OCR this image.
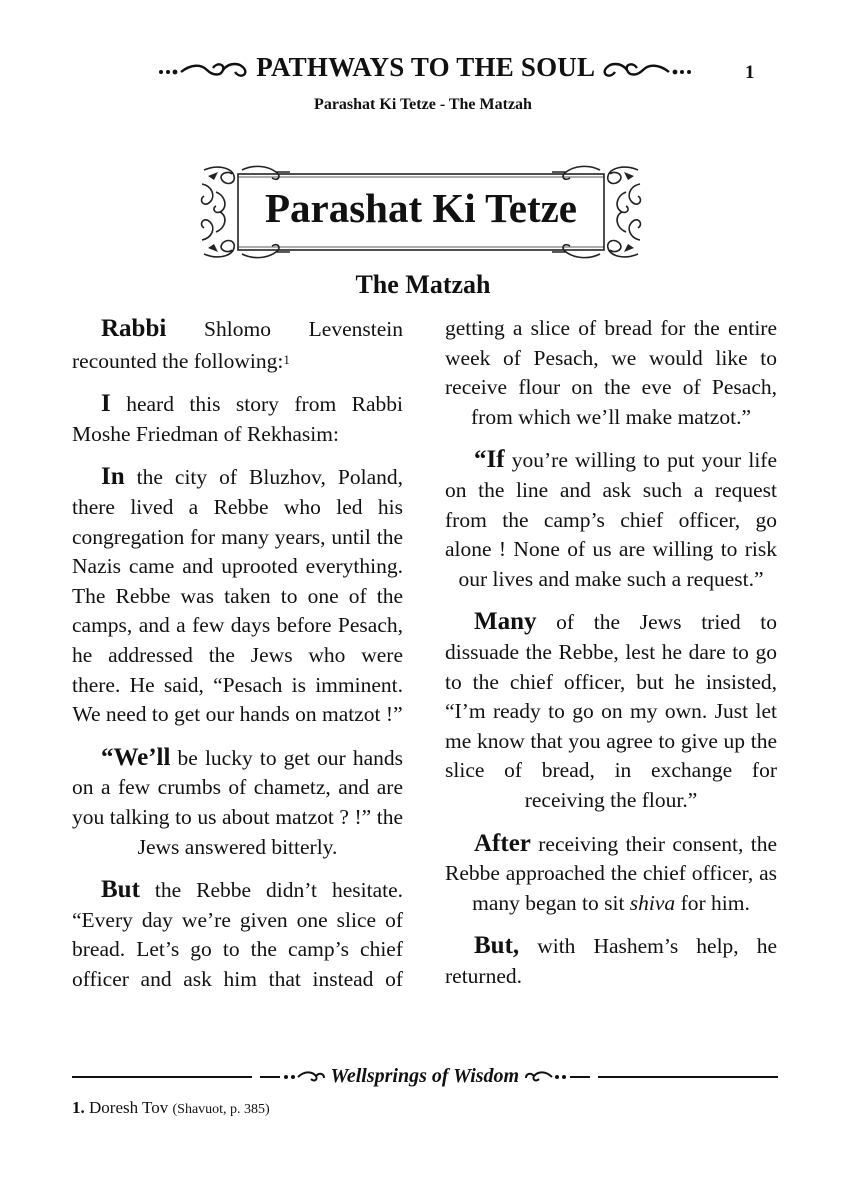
PATHWAYS TO THE SOUL	1
Parashat Ki Tetze - The Matzah
Parashat Ki Tetze
The Matzah

Rabbi Shlomo Levenstein recounted the following:$^1$

I heard this story from Rabbi Moshe Friedman of Rekhasim:

In the city of Bluzhov, Poland, there lived a Rebbe who led his congregation for many years, until the Nazis came and uprooted everything. The Rebbe was taken to one of the camps, and a few days before Pesach, he addressed the Jews who were there. He said, “Pesach is imminent. We need to get our hands on matzot !”

“We’ll be lucky to get our hands on a few crumbs of chametz, and are you talking to us about matzot ? !” the Jews answered bitterly.

But the Rebbe didn’t hesitate. “Every day we’re given one slice of bread. Let’s go to the camp’s chief officer and ask him that instead of

getting a slice of bread for the entire week of Pesach, we would like to receive flour on the eve of Pesach, from which we’ll make matzot.”

“If you’re willing to put your life on the line and ask such a request from the camp’s chief officer, go alone ! None of us are willing to risk our lives and make such a request.”

Many of the Jews tried to dissuade the Rebbe, lest he dare to go to the chief officer, but he insisted, “I’m ready to go on my own. Just let me know that you agree to give up the slice of bread, in exchange for receiving the flour.”

After receiving their consent, the Rebbe approached the chief officer, as many began to sit shiva for him.

But, with Hashem’s help, he returned.

Wellsprings of Wisdom
1. Doresh Tov (Shavuot, p. 385)
